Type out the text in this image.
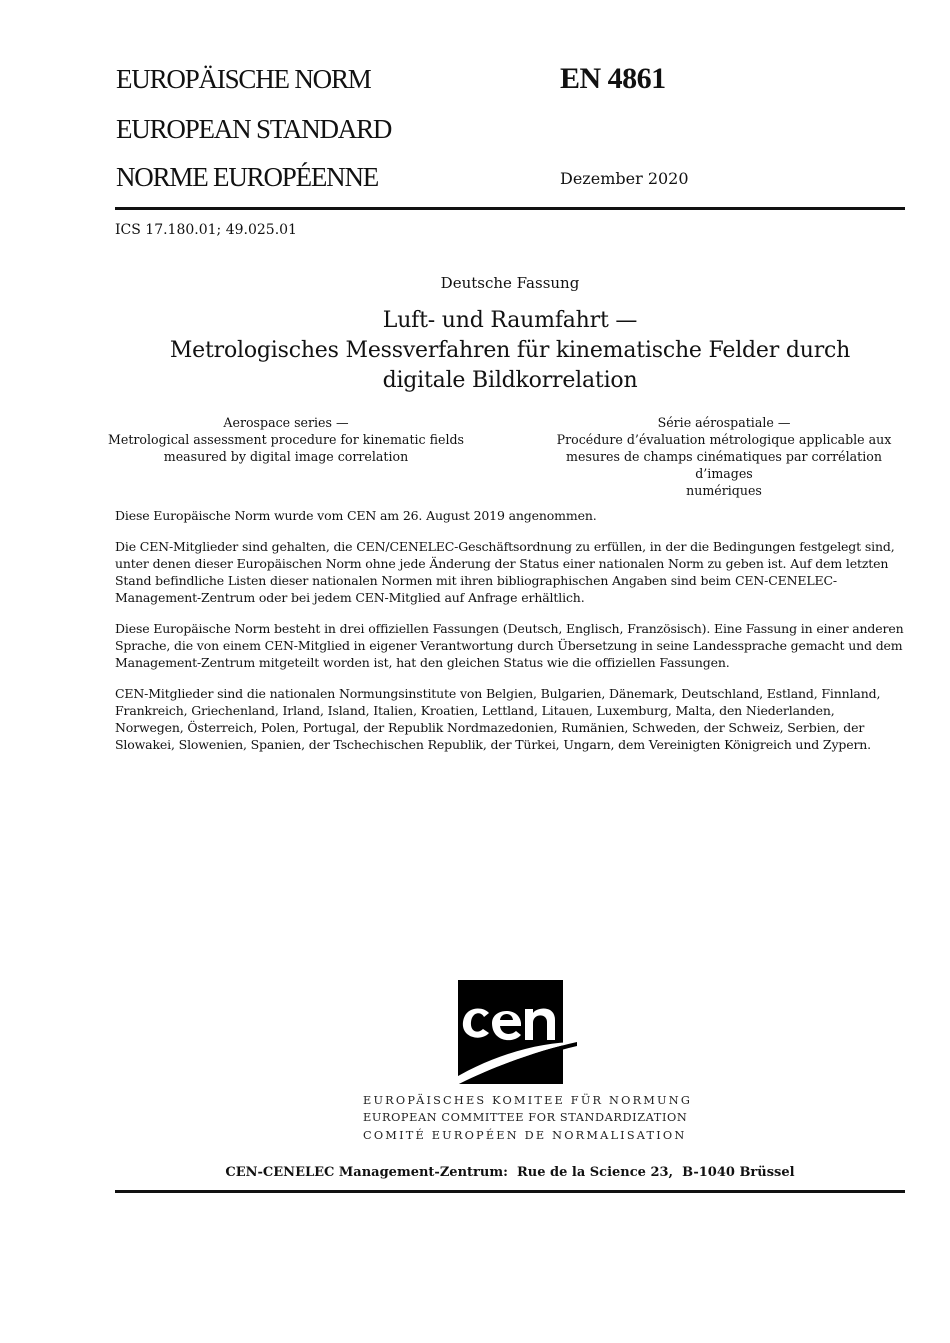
EUROPÄISCHE NORM
EUROPEAN STANDARD
NORME EUROPÉENNE
EN 4861
Dezember 2020
ICS 17.180.01; 49.025.01
Deutsche Fassung
Luft- und Raumfahrt —
Metrologisches Messverfahren für kinematische Felder durch
digitale Bildkorrelation
Aerospace series —
Metrological assessment procedure for kinematic fields
measured by digital image correlation
Série aérospatiale —
Procédure d’évaluation métrologique applicable aux
mesures de champs cinématiques par corrélation d’images
numériques
Diese Europäische Norm wurde vom CEN am 26. August 2019 angenommen.
Die CEN-Mitglieder sind gehalten, die CEN/CENELEC-Geschäftsordnung zu erfüllen, in der die Bedingungen festgelegt sind, unter denen dieser Europäischen Norm ohne jede Änderung der Status einer nationalen Norm zu geben ist. Auf dem letzten Stand befindliche Listen dieser nationalen Normen mit ihren bibliographischen Angaben sind beim CEN-CENELEC-Management-Zentrum oder bei jedem CEN-Mitglied auf Anfrage erhältlich.
Diese Europäische Norm besteht in drei offiziellen Fassungen (Deutsch, Englisch, Französisch). Eine Fassung in einer anderen Sprache, die von einem CEN-Mitglied in eigener Verantwortung durch Übersetzung in seine Landessprache gemacht und dem Management-Zentrum mitgeteilt worden ist, hat den gleichen Status wie die offiziellen Fassungen.
CEN-Mitglieder sind die nationalen Normungsinstitute von Belgien, Bulgarien, Dänemark, Deutschland, Estland, Finnland, Frankreich, Griechenland, Irland, Island, Italien, Kroatien, Lettland, Litauen, Luxemburg, Malta, den Niederlanden, Norwegen, Österreich, Polen, Portugal, der Republik Nordmazedonien, Rumänien, Schweden, der Schweiz, Serbien, der Slowakei, Slowenien, Spanien, der Tschechischen Republik, der Türkei, Ungarn, dem Vereinigten Königreich und Zypern.
EUROPÄISCHES KOMITEE FÜR NORMUNG
EUROPEAN COMMITTEE FOR STANDARDIZATION
COMITÉ EUROPÉEN DE NORMALISATION
CEN-CENELEC Management-Zentrum:  Rue de la Science 23,  B-1040 Brüssel
